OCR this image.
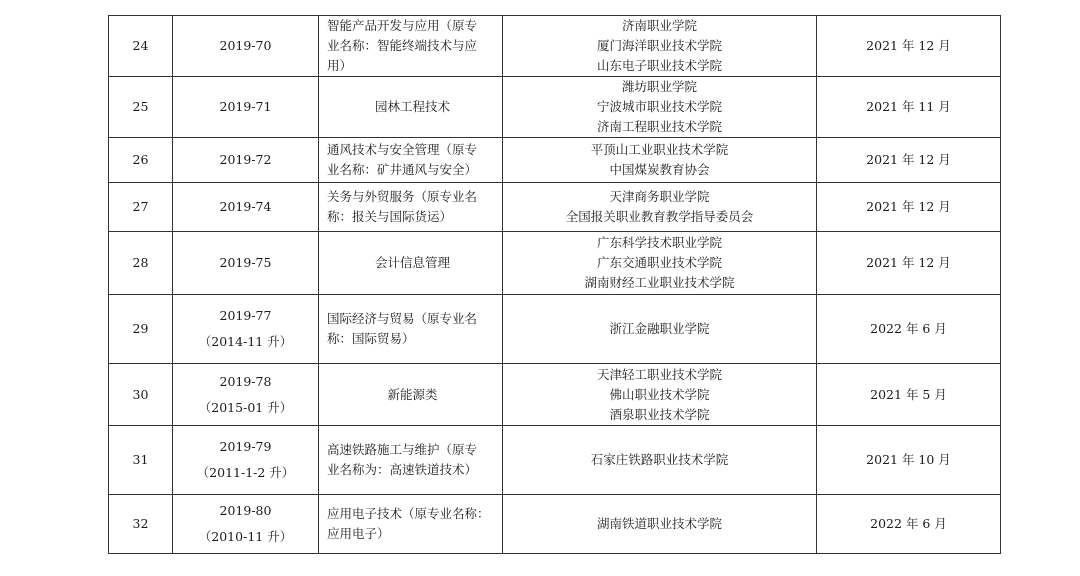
24	2019-70	智能产品开发与应用（原专
业名称：智能终端技术与应
用）	济南职业学院
厦门海洋职业技术学院
山东电子职业技术学院	2021 年 12 月
25	2019-71	园林工程技术	潍坊职业学院
宁波城市职业技术学院
济南工程职业技术学院	2021 年 11 月
26	2019-72	通风技术与安全管理（原专
业名称：矿井通风与安全）	平顶山工业职业技术学院
中国煤炭教育协会	2021 年 12 月
27	2019-74	关务与外贸服务（原专业名
称：报关与国际货运）	天津商务职业学院
全国报关职业教育教学指导委员会	2021 年 12 月
28	2019-75	会计信息管理	广东科学技术职业学院
广东交通职业技术学院
湖南财经工业职业技术学院	2021 年 12 月
29	2019-77
（2014-11 升）	国际经济与贸易（原专业名
称：国际贸易）	浙江金融职业学院	2022 年 6 月
30	2019-78
（2015-01 升）	新能源类	天津轻工职业技术学院
佛山职业技术学院
酒泉职业技术学院	2021 年 5 月
31	2019-79
（2011-1-2 升）	高速铁路施工与维护（原专
业名称为：高速铁道技术）	石家庄铁路职业技术学院	2021 年 10 月
32	2019-80
（2010-11 升）	应用电子技术（原专业名称：
应用电子）	湖南铁道职业技术学院	2022 年 6 月
